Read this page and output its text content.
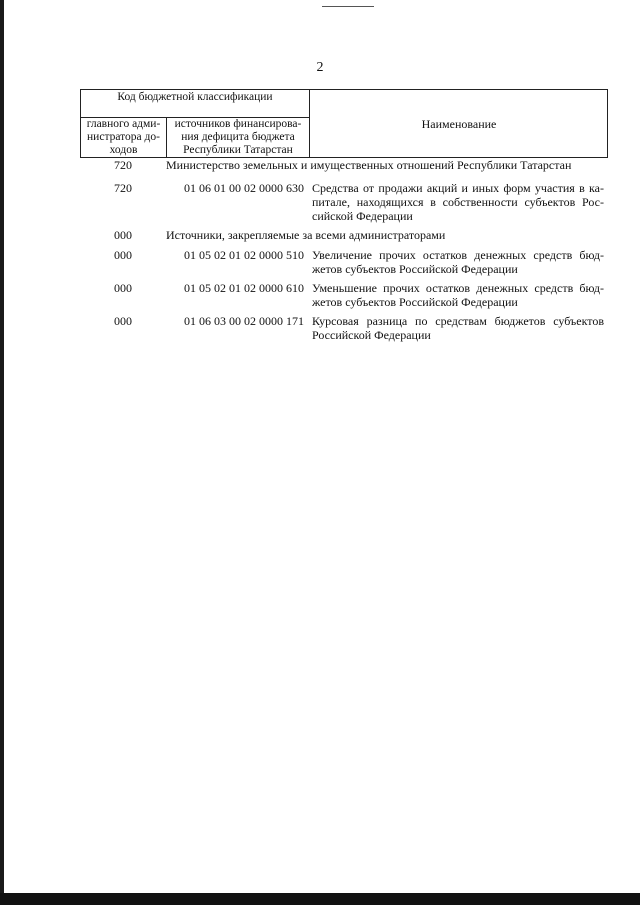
2
Код бюджетной классификации
главного адми-нистратора до-ходов
источников финансирова-ния дефицита бюджета Республики Татарстан
Наименование
720	Министерство земельных и имущественных отношений Республики Татарстан
720	01 06 01 00 02 0000 630 Средства от продажи акций и иных форм участия в ка-питале, находящихся в собственности субъектов Рос-сийской Федерации
000	Источники, закрепляемые за всеми администраторами
000	01 05 02 01 02 0000 510 Увеличение прочих остатков денежных средств бюд-жетов субъектов Российской Федерации
000	01 05 02 01 02 0000 610 Уменьшение прочих остатков денежных средств бюд-жетов субъектов Российской Федерации
000	01 06 03 00 02 0000 171 Курсовая разница по средствам бюджетов субъектов Российской Федерации
